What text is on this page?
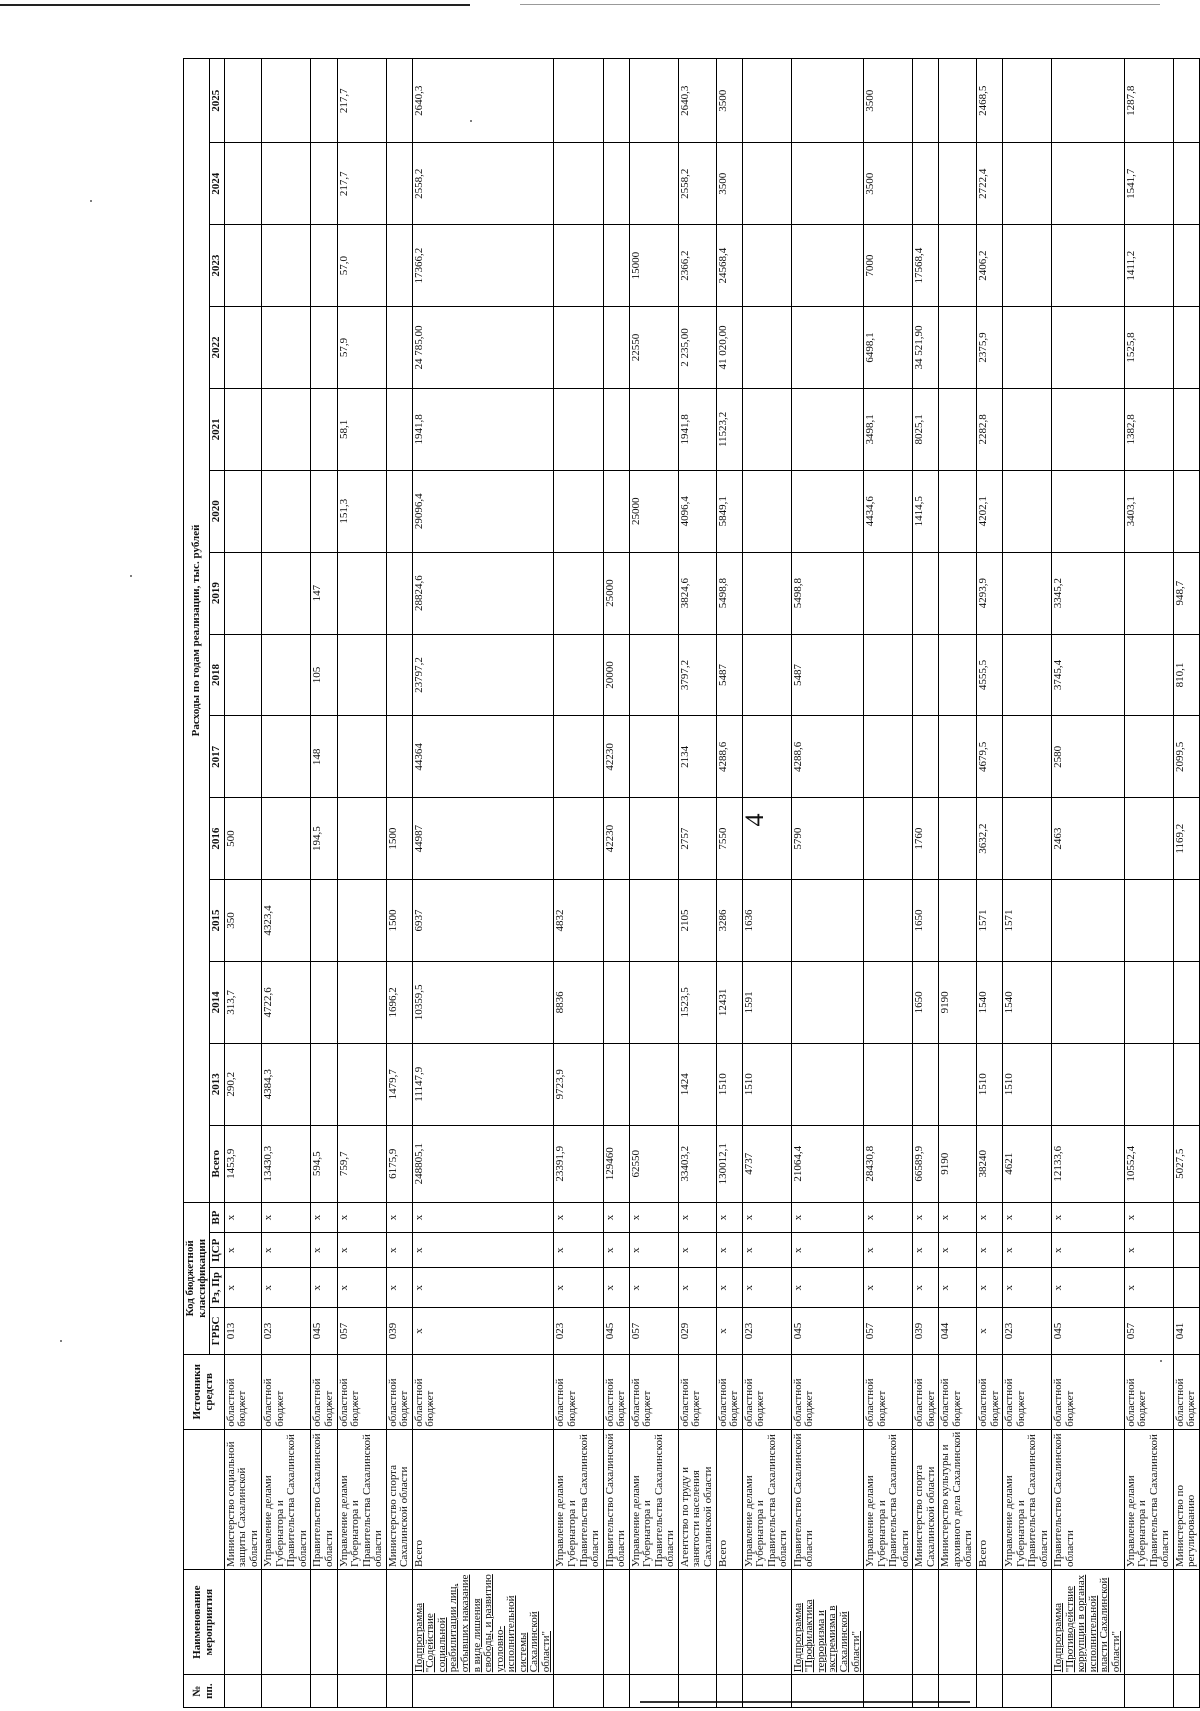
4
№ пп.	Наименование мероприятия		Источники средств	Код бюджетной классификации				Расходы по годам реализации, тыс. рублей													
				ГРБС	Рз, Пр	ЦСР	ВР	Всего	2013	2014	2015	2016	2017	2018	2019	2020	2021	2022	2023	2024	2025
		Министерство социальной защиты Сахалинской области	областной бюджет	013	x	x	x	1453,9	290,2	313,7	350	500									
		Управление делами Губернатора и Правительства Сахалинской области	областной бюджет	023	x	x	x	13430,3	4384,3	4722,6	4323,4										
		Правительство Сахалинской области	областной бюджет	045	x	x	x	594,5				194,5	148	105	147						
		Управление делами Губернатора и Правительства Сахалинской области	областной бюджет	057	x	x	x	759,7								151,3	58,1	57,9	57,0	217,7	217,7
		Министерство спорта Сахалинской области	областной бюджет	039	x	x	x	6175,9	1479,7	1696,2	1500	1500									
	Подпрограмма "Содействие социальной реабилитации лиц, отбывших наказание в виде лишения свободы, и развитию уголовно-исполнительной системы Сахалинской области"	Всего	областной бюджет	x	x	x	x	248805,1	11147,9	10359,5	6937	44987	44364	23797,2	28824,6	29096,4	1941,8	24 785,00	17366,2	2558,2	2640,3
		Управление делами Губернатора и Правительства Сахалинской области	областной бюджет	023	x	x	x	23391,9	9723,9	8836	4832										
		Правительство Сахалинской области	областной бюджет	045	x	x	x	129460				42230	42230	20000	25000						
		Управление делами Губернатора и Правительства Сахалинской области	областной бюджет	057	x	x	x	62550								25000		22550	15000		
		Агентство по труду и занятости населения Сахалинской области	областной бюджет	029	x	x	x	33403,2	1424	1523,5	2105	2757	2134	3797,2	3824,6	4096,4	1941,8	2 235,00	2366,2	2558,2	2640,3
		Всего	областной бюджет	x	x	x	x	130012,1	1510	12431	3286	7550	4288,6	5487	5498,8	5849,1	11523,2	41 020,00	24568,4	3500	3500
		Управление делами Губернатора и Правительства Сахалинской области	областной бюджет	023	x	x	x	4737	1510	1591	1636										
	Подпрограмма "Профилактика терроризма и экстремизма в Сахалинской области"	Правительство Сахалинской области	областной бюджет	045	x	x	x	21064,4				5790	4288,6	5487	5498,8						
		Управление делами Губернатора и Правительства Сахалинской области	областной бюджет	057	x	x	x	28430,8								4434,6	3498,1	6498,1	7000	3500	3500
		Министерство спорта Сахалинской области	областной бюджет	039	x	x	x	66589,9		1650	1650	1760				1414,5	8025,1	34 521,90	17568,4		
		Министерство культуры и архивного дела Сахалинской области	областной бюджет	044	x	x	x	9190		9190											
		Всего	областной бюджет	x	x	x	x	38240	1510	1540	1571	3632,2	4679,5	4555,5	4293,9	4202,1	2282,8	2375,9	2406,2	2722,4	2468,5
		Управление делами Губернатора и Правительства Сахалинской области	областной бюджет	023	x	x	x	4621	1510	1540	1571										
	Подпрограмма "Противодействие коррупции в органах исполнительной власти Сахалинской области"	Правительство Сахалинской области	областной бюджет	045	x	x	x	12133,6				2463	2580	3745,4	3345,2						
		Управление делами Губернатора и Правительства Сахалинской области	областной бюджет	057	x	x	x	10552,4								3403,1	1382,8	1525,8	1411,2	1541,7	1287,8
		Министерство по регулированию	областной бюджет	041				5027,5				1169,2	2099,5	810,1	948,7						
